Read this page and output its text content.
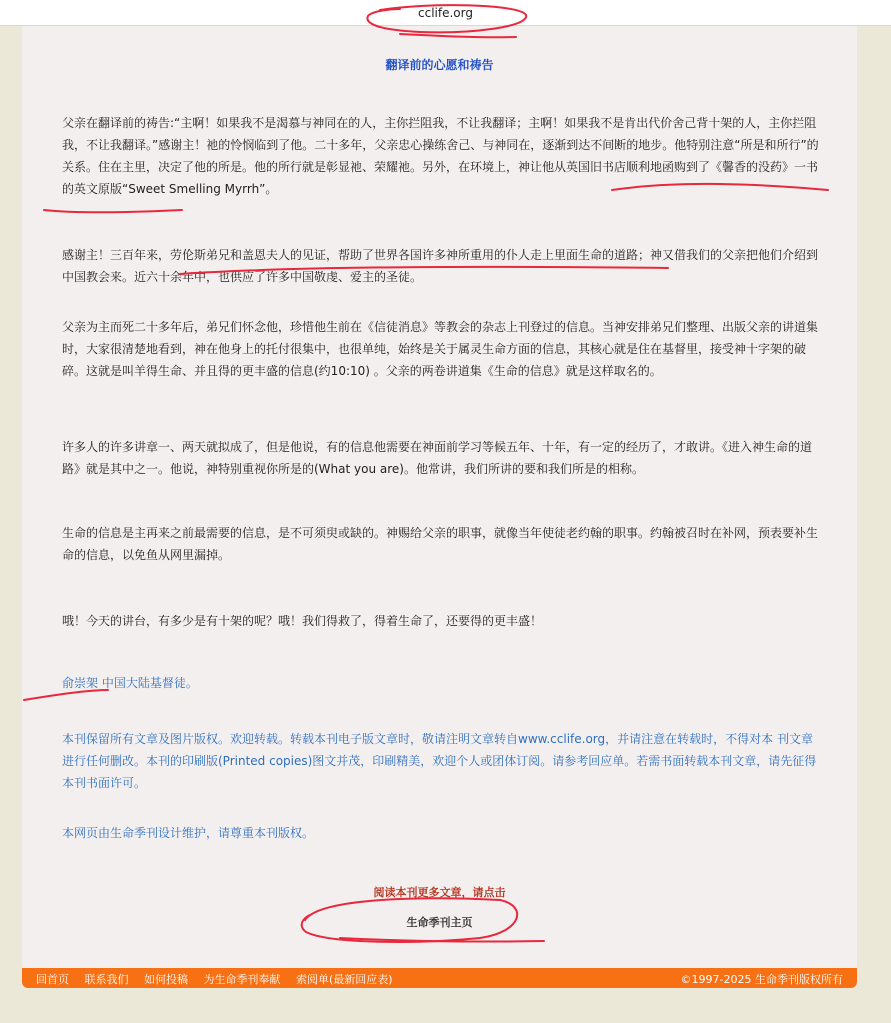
cclife.org
翻译前的心愿和祷告

父亲在翻译前的祷告:“主啊！如果我不是渴慕与神同在的人，主你拦阻我，不让我翻译；主啊！如果我不是肯出代价舍己背十架的人，主你拦阻我，不让我翻译。”感谢主！祂的怜悯临到了他。二十多年，父亲忠心操练舍己、与神同在，逐渐到达不间断的地步。他特别注意“所是和所行”的关系。住在主里，决定了他的所是。他的所行就是彰显祂、荣耀祂。另外，在环境上，神让他从英国旧书店顺利地函购到了《馨香的没药》一书的英文原版“Sweet Smelling Myrrh”。

感谢主！三百年来，劳伦斯弟兄和盖恩夫人的见证，帮助了世界各国许多神所重用的仆人走上里面生命的道路；神又借我们的父亲把他们介绍到中国教会来。近六十余年中，也供应了许多中国敬虔、爱主的圣徒。

父亲为主而死二十多年后，弟兄们怀念他，珍惜他生前在《信徒消息》等教会的杂志上刊登过的信息。当神安排弟兄们整理、出版父亲的讲道集时，大家很清楚地看到，神在他身上的托付很集中，也很单纯，始终是关于属灵生命方面的信息，其核心就是住在基督里，接受神十字架的破碎。这就是叫羊得生命、并且得的更丰盛的信息(约10:10) 。父亲的两卷讲道集《生命的信息》就是这样取名的。

许多人的许多讲章一、两天就拟成了，但是他说，有的信息他需要在神面前学习等候五年、十年，有一定的经历了，才敢讲。《进入神生命的道路》就是其中之一。他说，神特别重视你所是的(What you are)。他常讲，我们所讲的要和我们所是的相称。

生命的信息是主再来之前最需要的信息，是不可须臾或缺的。神赐给父亲的职事，就像当年使徒老约翰的职事。约翰被召时在补网，预表要补生命的信息，以免鱼从网里漏掉。

哦！今天的讲台，有多少是有十架的呢？哦！我们得救了，得着生命了，还要得的更丰盛！

俞崇架 中国大陆基督徒。

本刊保留所有文章及图片版权。欢迎转载。转载本刊电子版文章时，敬请注明文章转自www.cclife.org，并请注意在转载时，不得对本 刊文章进行任何删改。本刊的印刷版(Printed copies)图文并茂，印刷精美，欢迎个人或团体订阅。请参考回应单。若需书面转载本刊文章，请先征得本刊书面许可。

本网页由生命季刊设计维护，请尊重本刊版权。

阅读本刊更多文章，请点击
生命季刊主页
回首页 联系我们 如何投稿 为生命季刊奉献 索阅单(最新回应表)	©1997-2025 生命季刊版权所有
